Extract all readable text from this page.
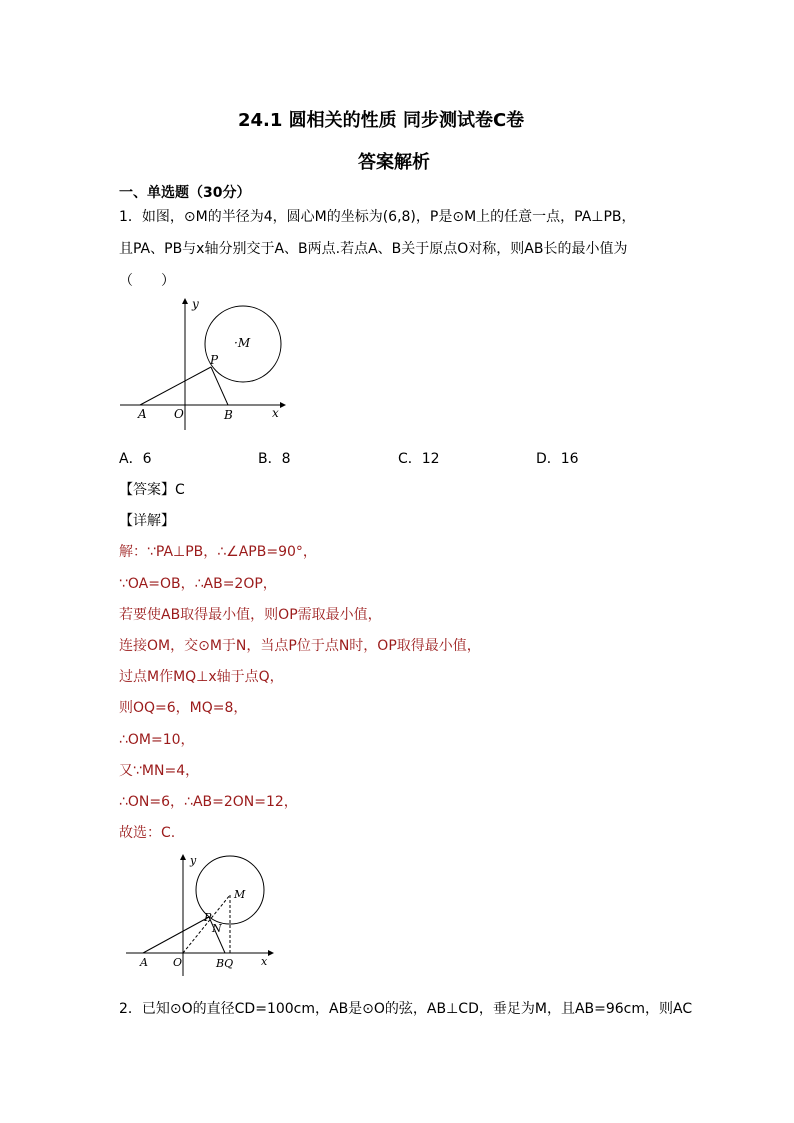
24.1 圆相关的性质 同步测试卷C卷
答案解析
一、单选题（30分）
1．如图，⊙M的半径为4，圆心M的坐标为(6,8)，P是⊙M上的任意一点，PA⊥PB，
且PA、PB与x轴分别交于A、B两点.若点A、B关于原点O对称，则AB长的最小值为
（　　）
y
·M
P
A O	B	x
A．6	B．8	C．12	D．16
【答案】C
【详解】
解：∵PA⊥PB，∴∠APB=90°，
∵OA=OB，∴AB=2OP，
若要使AB取得最小值，则OP需取最小值，
连接OM，交⊙M于N，当点P位于点N时，OP取得最小值，
过点M作MQ⊥x轴于点Q，
则OQ=6，MQ=8，
∴OM=10，
又∵MN=4，
∴ON=6，∴AB=2ON=12，
故选：C.
y
M
P
N
A O	BQ	x
2．已知⊙O的直径CD=100cm，AB是⊙O的弦，AB⊥CD，垂足为M，且AB=96cm，则AC
